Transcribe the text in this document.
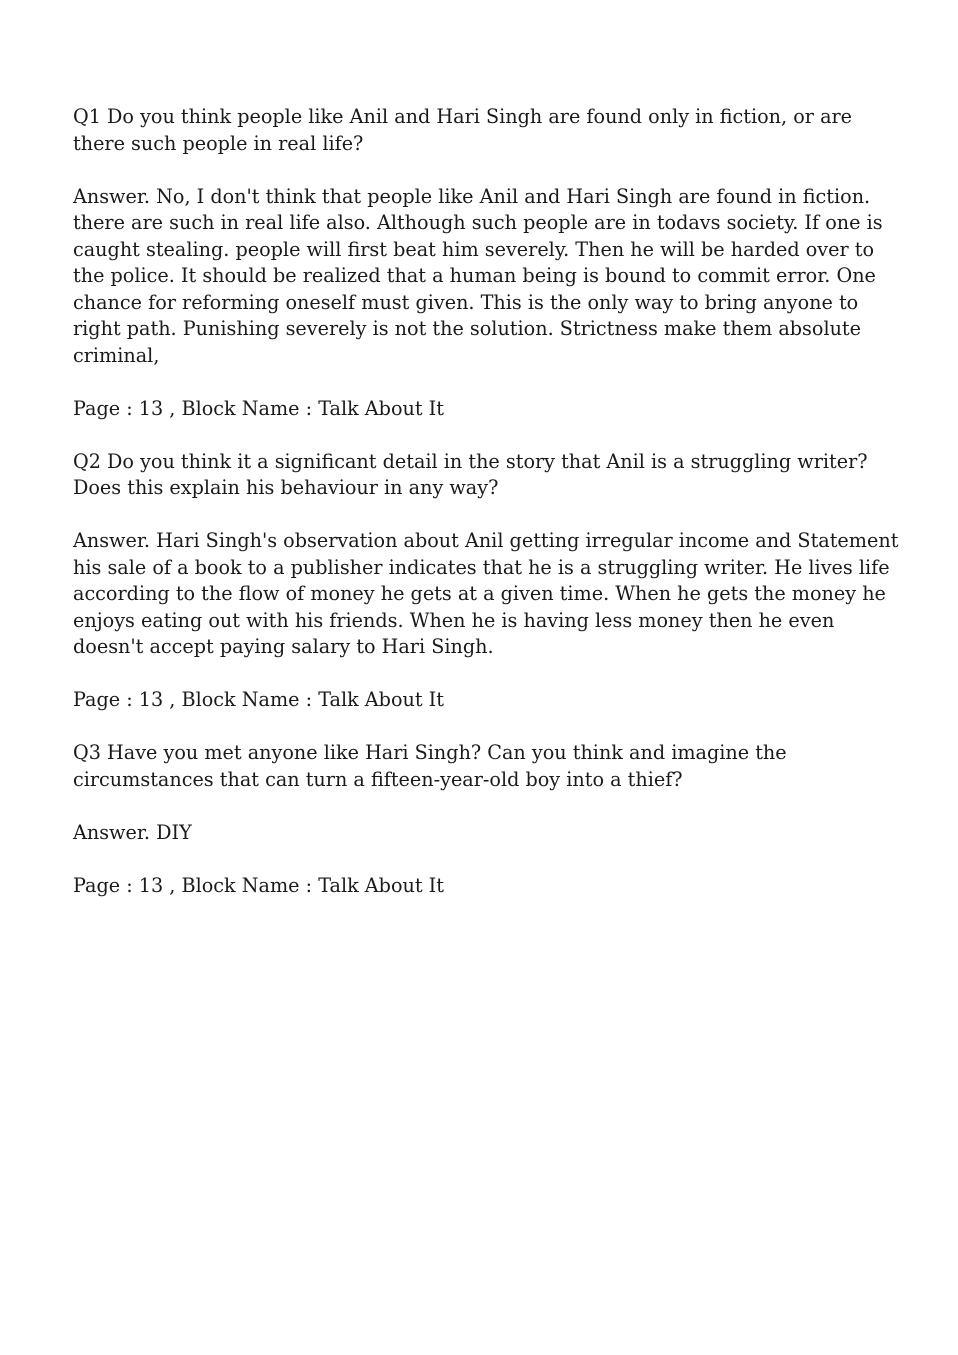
Q1 Do you think people like Anil and Hari Singh are found only in fiction, or are there such people in real life?

Answer. No, I don't think that people like Anil and Hari Singh are found in fiction. there are such in real life also. Although such people are in todavs society. If one is caught stealing. people will first beat him severely. Then he will be harded over to the police. It should be realized that a human being is bound to commit error. One chance for reforming oneself must given. This is the only way to bring anyone to right path. Punishing severely is not the solution. Strictness make them absolute criminal,

Page : 13 , Block Name : Talk About It

Q2 Do you think it a significant detail in the story that Anil is a struggling writer? Does this explain his behaviour in any way?

Answer. Hari Singh's observation about Anil getting irregular income and Statement his sale of a book to a publisher indicates that he is a struggling writer. He lives life according to the flow of money he gets at a given time. When he gets the money he enjoys eating out with his friends. When he is having less money then he even doesn't accept paying salary to Hari Singh.

Page : 13 , Block Name : Talk About It

Q3 Have you met anyone like Hari Singh? Can you think and imagine the circumstances that can turn a fifteen-year-old boy into a thief?

Answer. DIY

Page : 13 , Block Name : Talk About It
